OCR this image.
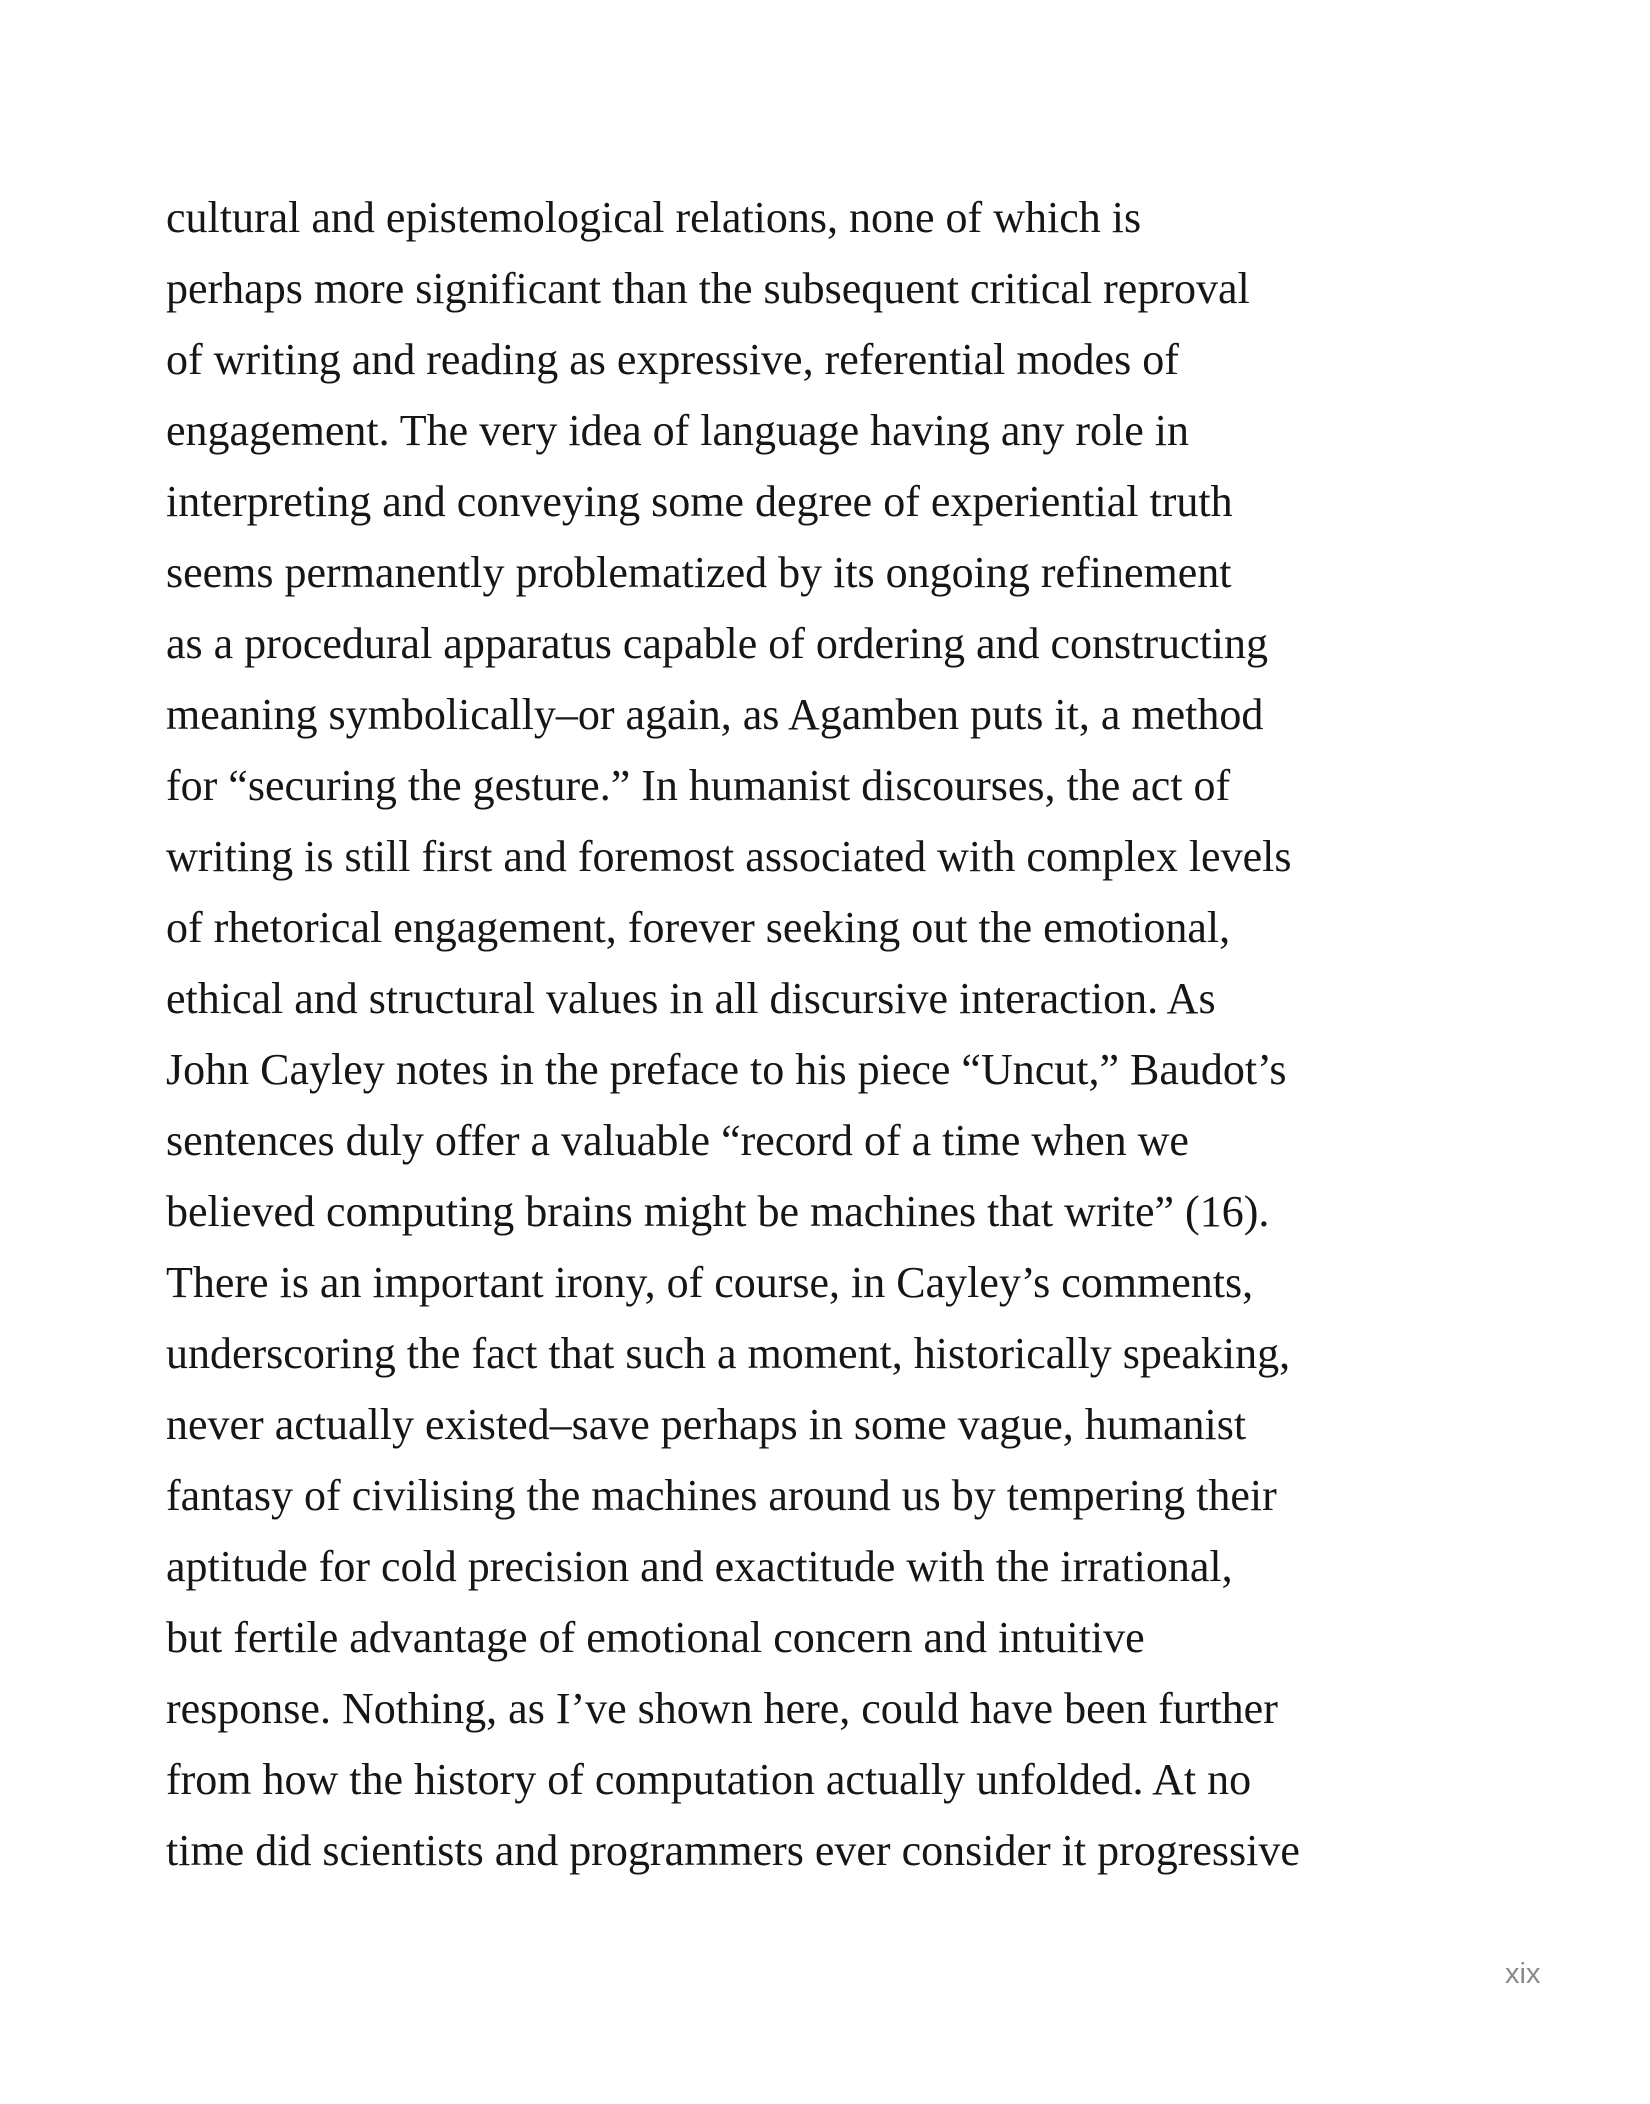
cultural and epistemological relations, none of which is
perhaps more significant than the subsequent critical reproval
of writing and reading as expressive, referential modes of
engagement. The very idea of language having any role in
interpreting and conveying some degree of experiential truth
seems permanently problematized by its ongoing refinement
as a procedural apparatus capable of ordering and constructing
meaning symbolically–or again, as Agamben puts it, a method
for “securing the gesture.” In humanist discourses, the act of
writing is still first and foremost associated with complex levels
of rhetorical engagement, forever seeking out the emotional,
ethical and structural values in all discursive interaction. As
John Cayley notes in the preface to his piece “Uncut,” Baudot’s
sentences duly offer a valuable “record of a time when we
believed computing brains might be machines that write” (16).
There is an important irony, of course, in Cayley’s comments,
underscoring the fact that such a moment, historically speaking,
never actually existed–save perhaps in some vague, humanist
fantasy of civilising the machines around us by tempering their
aptitude for cold precision and exactitude with the irrational,
but fertile advantage of emotional concern and intuitive
response. Nothing, as I’ve shown here, could have been further
from how the history of computation actually unfolded. At no
time did scientists and programmers ever consider it progressive
xix
